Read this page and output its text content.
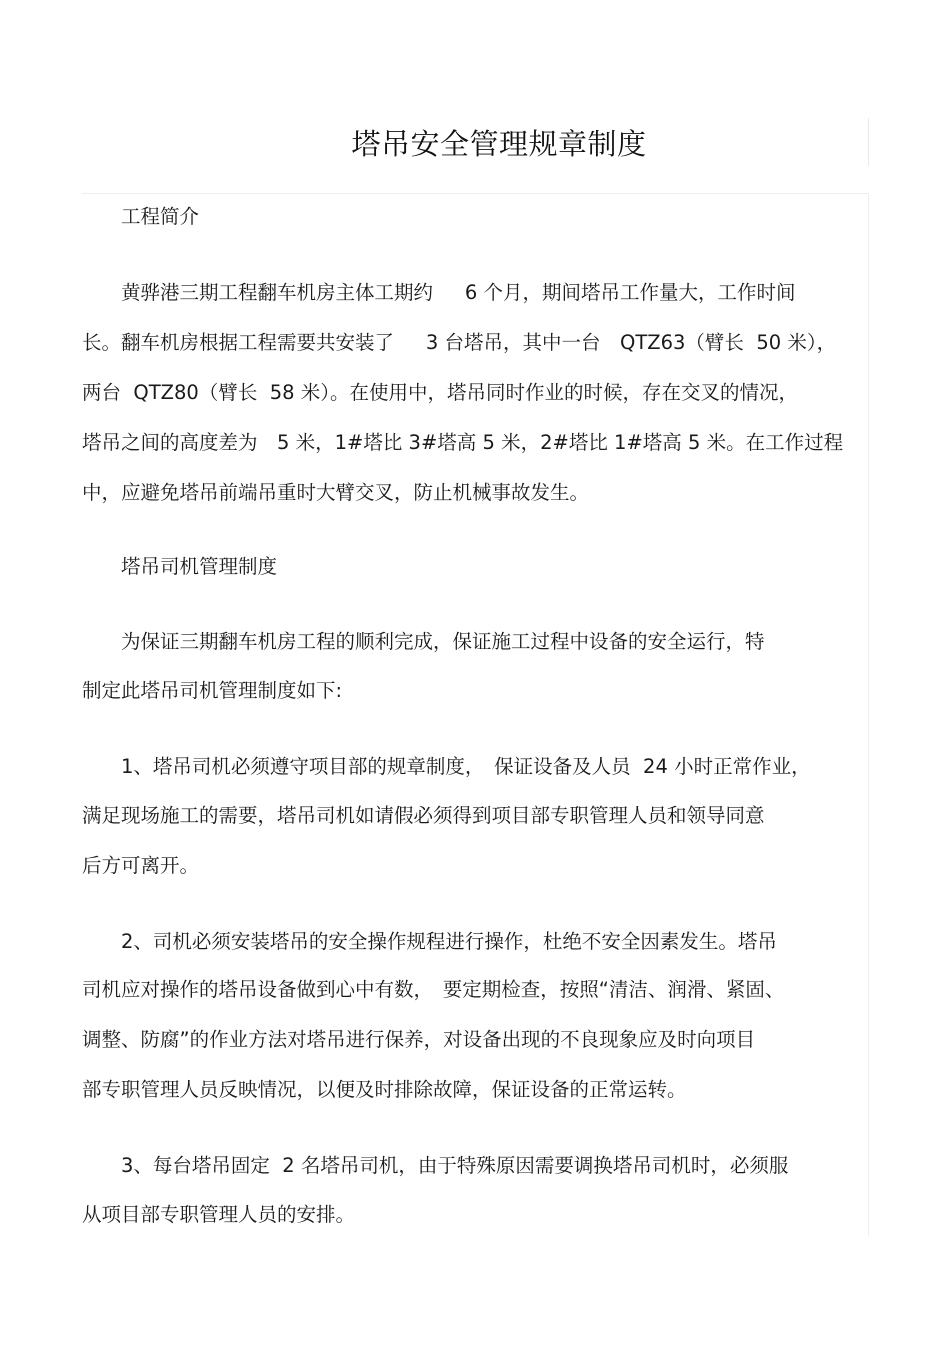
塔吊安全管理规章制度
工程简介
黄骅港三期工程翻车机房主体工期约　  6 个月，期间塔吊工作量大，工作时间
长。翻车机房根据工程需要共安装了　  3 台塔吊，其中一台　QTZ63（臂长  50 米），
两台  QTZ80（臂长  58 米）。在使用中，塔吊同时作业的时候，存在交叉的情况，
塔吊之间的高度差为　5 米，1#塔比 3#塔高 5 米，2#塔比 1#塔高 5 米。在工作过程
中，应避免塔吊前端吊重时大臂交叉，防止机械事故发生。
塔吊司机管理制度
为保证三期翻车机房工程的顺利完成，保证施工过程中设备的安全运行，特
制定此塔吊司机管理制度如下:
1、塔吊司机必须遵守项目部的规章制度，　保证设备及人员  24 小时正常作业，
满足现场施工的需要，塔吊司机如请假必须得到项目部专职管理人员和领导同意
后方可离开。
2、司机必须安装塔吊的安全操作规程进行操作，杜绝不安全因素发生。塔吊
司机应对操作的塔吊设备做到心中有数，　要定期检查，按照“清洁、润滑、紧固、
调整、防腐”的作业方法对塔吊进行保养，对设备出现的不良现象应及时向项目
部专职管理人员反映情况，以便及时排除故障，保证设备的正常运转。
3、每台塔吊固定  2 名塔吊司机，由于特殊原因需要调换塔吊司机时，必须服
从项目部专职管理人员的安排。
